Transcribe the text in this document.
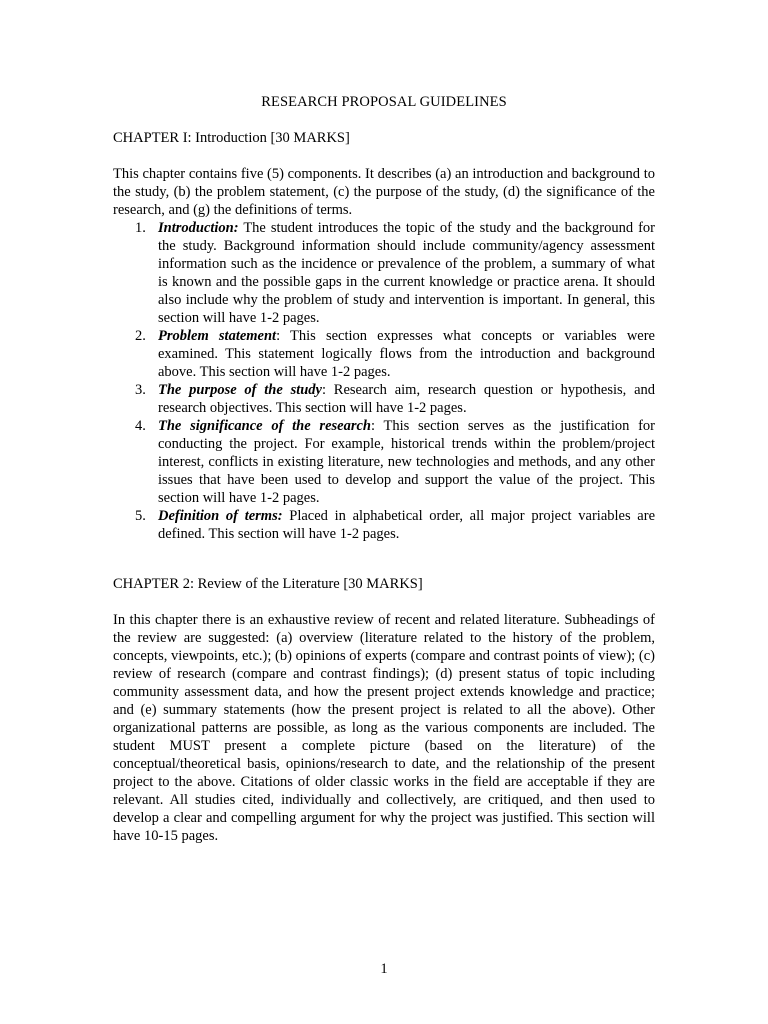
RESEARCH PROPOSAL GUIDELINES
CHAPTER I: Introduction [30 MARKS]

This chapter contains five (5) components. It describes (a) an introduction and background to the study, (b) the problem statement, (c) the purpose of the study, (d) the significance of the research, and (g) the definitions of terms.

1. Introduction: The student introduces the topic of the study and the background for the study. Background information should include community/agency assessment information such as the incidence or prevalence of the problem, a summary of what is known and the possible gaps in the current knowledge or practice arena. It should also include why the problem of study and intervention is important. In general, this section will have 1-2 pages.
2. Problem statement: This section expresses what concepts or variables were examined. This statement logically flows from the introduction and background above. This section will have 1-2 pages.
3. The purpose of the study: Research aim, research question or hypothesis, and research objectives. This section will have 1-2 pages.
4. The significance of the research: This section serves as the justification for conducting the project. For example, historical trends within the problem/project interest, conflicts in existing literature, new technologies and methods, and any other issues that have been used to develop and support the value of the project. This section will have 1-2 pages.
5. Definition of terms: Placed in alphabetical order, all major project variables are defined. This section will have 1-2 pages.
CHAPTER 2: Review of the Literature [30 MARKS]

In this chapter there is an exhaustive review of recent and related literature. Subheadings of the review are suggested: (a) overview (literature related to the history of the problem, concepts, viewpoints, etc.); (b) opinions of experts (compare and contrast points of view); (c) review of research (compare and contrast findings); (d) present status of topic including community assessment data, and how the present project extends knowledge and practice; and (e) summary statements (how the present project is related to all the above). Other organizational patterns are possible, as long as the various components are included. The student MUST present a complete picture (based on the literature) of the conceptual/theoretical basis, opinions/research to date, and the relationship of the present project to the above. Citations of older classic works in the field are acceptable if they are relevant. All studies cited, individually and collectively, are critiqued, and then used to develop a clear and compelling argument for why the project was justified. This section will have 10-15 pages.

1
